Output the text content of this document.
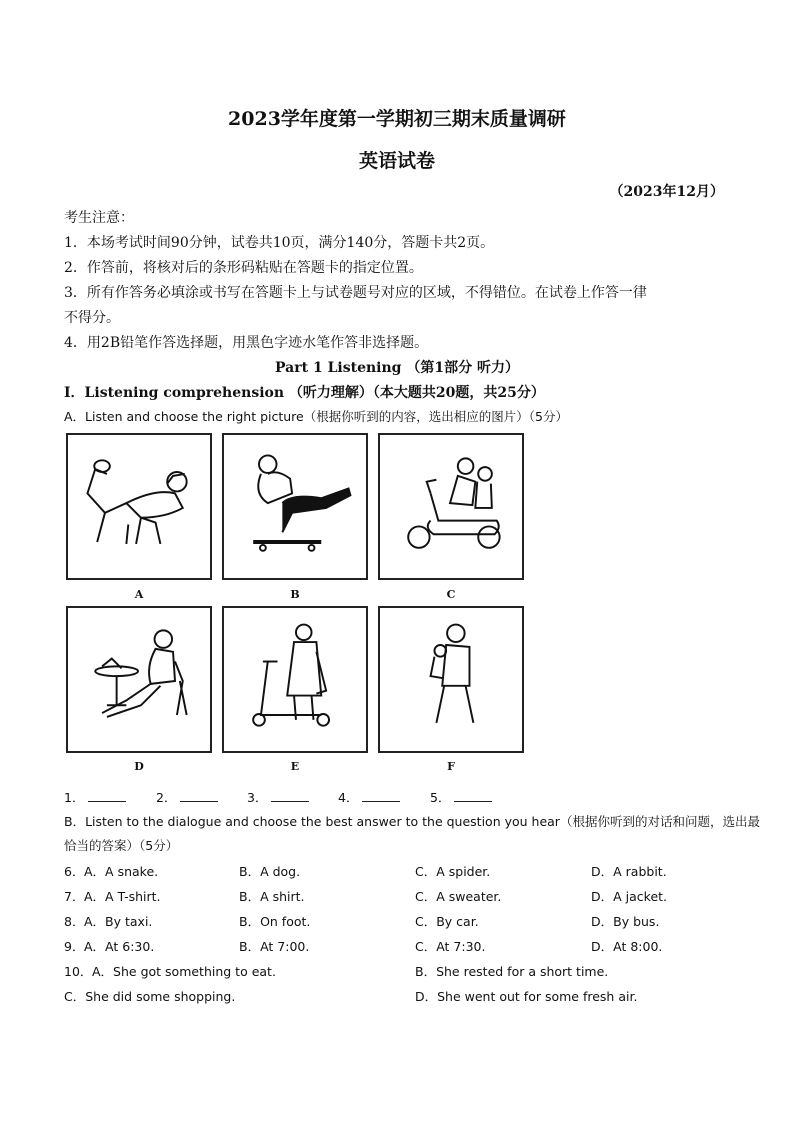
2023学年度第一学期初三期末质量调研
英语试卷
（2023年12月）
考生注意：
1．本场考试时间90分钟，试卷共10页，满分140分，答题卡共2页。
2．作答前，将核对后的条形码粘贴在答题卡的指定位置。
3．所有作答务必填涂或书写在答题卡上与试卷题号对应的区域，不得错位。在试卷上作答一律
不得分。
4．用2B铅笔作答选择题，用黑色字迹水笔作答非选择题。
Part 1 Listening （第1部分 听力）
Ⅰ．Listening comprehension （听力理解）（本大题共20题，共25分）
A．Listen and choose the right picture（根据你听到的内容，选出相应的图片）（5分）
A	B	C
D	E	F
1．	2．	3．	4．	5．
B．Listen to the dialogue and choose the best answer to the question you hear（根据你听到的对话和问题，选出最
恰当的答案）（5分）
6． A．A snake.	B．A dog.	C．A spider.	D．A rabbit.
7． A．A T-shirt.	B．A shirt.	C．A sweater.	D．A jacket.
8． A．By taxi.	B．On foot.	C．By car.	D．By bus.
9． A．At 6:30.	B．At 7:00.	C．At 7:30.	D．At 8:00.
10． A．She got something to eat.	B．She rested for a short time.
C．She did some shopping.	D．She went out for some fresh air.
